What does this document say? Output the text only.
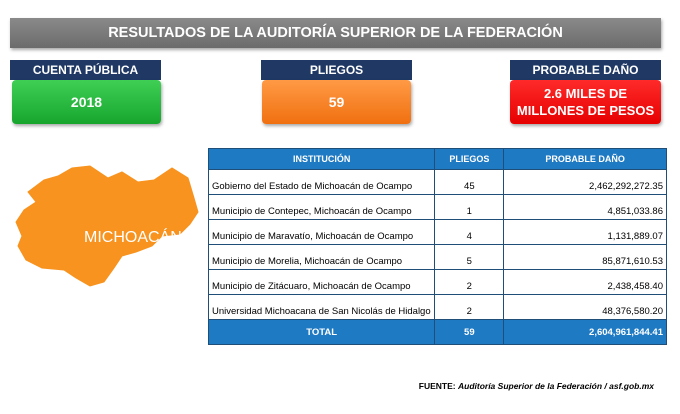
RESULTADOS DE LA AUDITORÍA SUPERIOR DE LA FEDERACIÓN
CUENTA PÚBLICA	PLIEGOS	PROBABLE DAÑO
2018	59
2.6 MILES DE
MILLONES DE PESOS
MICHOACÁN
INSTITUCIÓN	PLIEGOS	PROBABLE DAÑO
Gobierno del Estado de Michoacán de Ocampo	45	2,462,292,272.35
Municipio de Contepec, Michoacán de Ocampo	1	4,851,033.86
Municipio de Maravatío, Michoacán de Ocampo	4	1,131,889.07
Municipio de Morelia, Michoacán de Ocampo	5	85,871,610.53
Municipio de Zitácuaro, Michoacán de Ocampo	2	2,438,458.40
Universidad Michoacana de San Nicolás de Hidalgo	2	48,376,580.20
TOTAL	59	2,604,961,844.41
FUENTE: Auditoría Superior de la Federación / asf.gob.mx
